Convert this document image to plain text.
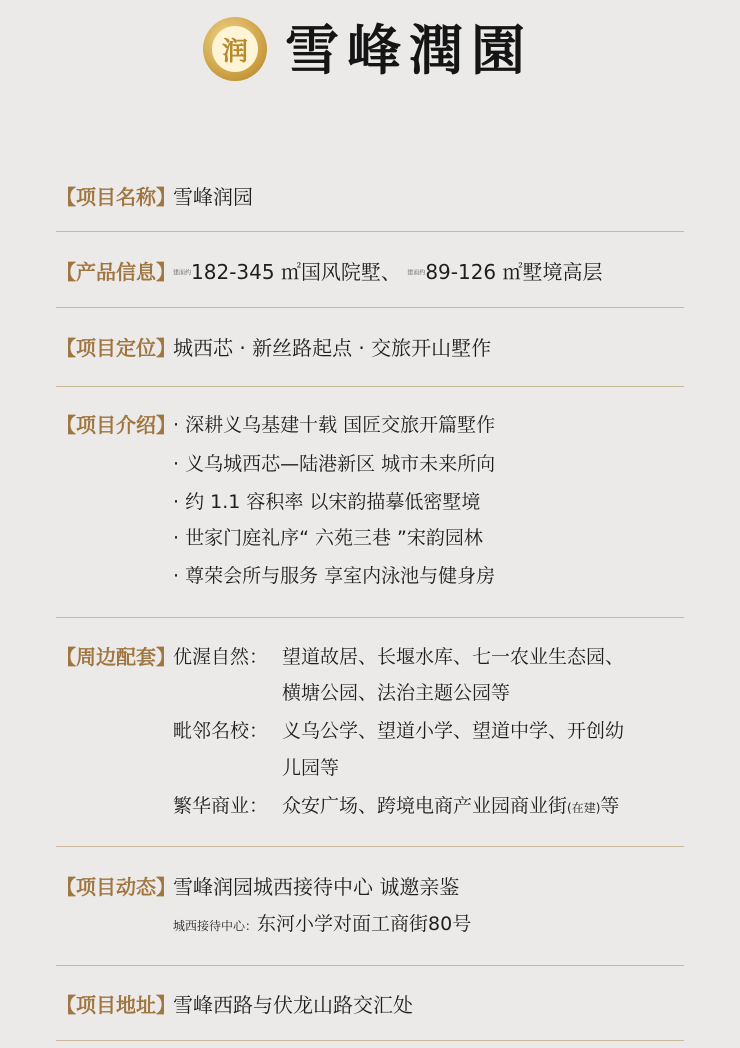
润 雪峰潤園
【项目名称】
雪峰润园
【产品信息】
建面约182-345 ㎡国风院墅、 建面约89-126 ㎡墅境高层
【项目定位】
城西芯 · 新丝路起点 · 交旅开山墅作
【项目介绍】
· 深耕义乌基建十载 国匠交旅开篇墅作
· 义乌城西芯—陆港新区 城市未来所向
· 约 1.1 容积率 以宋韵描摹低密墅境
· 世家门庭礼序“ 六苑三巷 ”宋韵园林
· 尊荣会所与服务 享室内泳池与健身房
【周边配套】
优渥自然： 望道故居、长堰水库、七一农业生态园、
横塘公园、法治主题公园等
毗邻名校： 义乌公学、望道小学、望道中学、开创幼
儿园等
繁华商业： 众安广场、跨境电商产业园商业街(在建)等
【项目动态】
雪峰润园城西接待中心 诚邀亲鉴
城西接待中心：东河小学对面工商街80号
【项目地址】
雪峰西路与伏龙山路交汇处
